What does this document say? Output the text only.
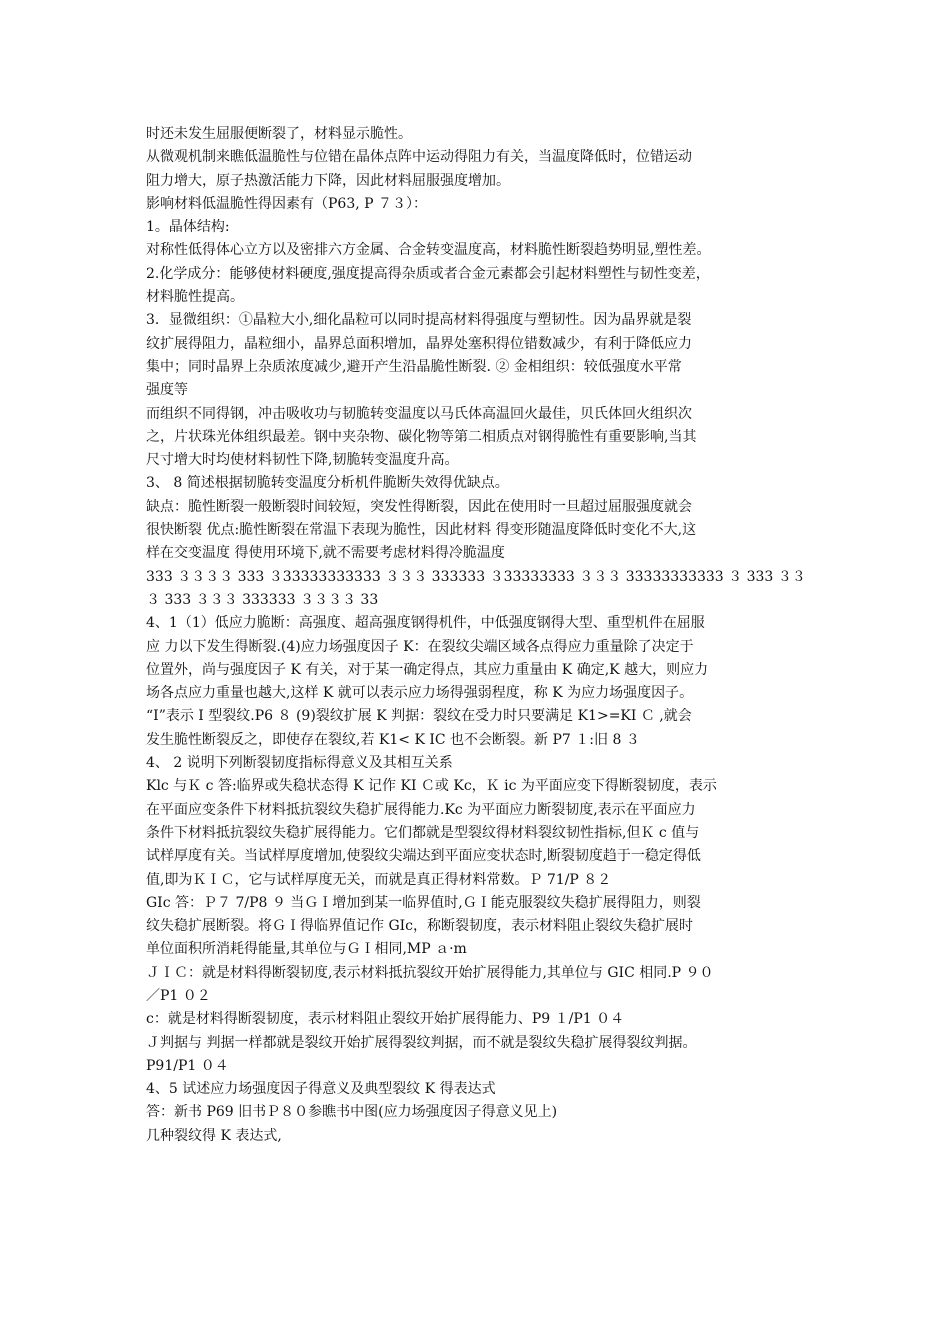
时还未发生屈服便断裂了，材料显示脆性。

从微观机制来瞧低温脆性与位错在晶体点阵中运动得阻力有关，当温度降低时，位错运动

阻力增大，原子热激活能力下降，因此材料屈服强度增加。

影响材料低温脆性得因素有（P63, P ７３）：

1。晶体结构:

对称性低得体心立方以及密排六方金属、合金转变温度高，材料脆性断裂趋势明显,塑性差。

2.化学成分：能够使材料硬度,强度提高得杂质或者合金元素都会引起材料塑性与韧性变差，

材料脆性提高。

3．显微组织：①晶粒大小,细化晶粒可以同时提高材料得强度与塑韧性。因为晶界就是裂

纹扩展得阻力，晶粒细小，晶界总面积增加，晶界处塞积得位错数减少，有利于降低应力

集中；同时晶界上杂质浓度减少,避开产生沿晶脆性断裂. ② 金相组织：较低强度水平常

强度等

而组织不同得钢，冲击吸收功与韧脆转变温度以马氏体高温回火最佳，贝氏体回火组织次

之，片状珠光体组织最差。钢中夹杂物、碳化物等第二相质点对钢得脆性有重要影响,当其

尺寸增大时均使材料韧性下降,韧脆转变温度升高。

3、 8 简述根据韧脆转变温度分析机件脆断失效得优缺点。

缺点：脆性断裂一般断裂时间较短，突发性得断裂，因此在使用时一旦超过屈服强度就会

很快断裂 优点:脆性断裂在常温下表现为脆性，因此材料 得变形随温度降低时变化不大,这

样在交变温度 得使用环境下,就不需要考虑材料得冷脆温度

333 ３３３３ 333 ３33333333333 ３３３ 333333 ３33333333 ３３３ 33333333333 ３ 333 ３３

３ 333 ３３３ 333333 ３３３３ 33

4、1（1）低应力脆断：高强度、超高强度钢得机件，中低强度钢得大型、重型机件在屈服

应 力以下发生得断裂.(4)应力场强度因子 K：在裂纹尖端区域各点得应力重量除了决定于

位置外，尚与强度因子 K 有关，对于某一确定得点，其应力重量由 K 确定,K 越大，则应力

场各点应力重量也越大,这样 K 就可以表示应力场得强弱程度，称 K 为应力场强度因子。

“Ⅰ”表示 I 型裂纹.P6 ８ (9)裂纹扩展 K 判据：裂纹在受力时只要满足 K1>=KI Ｃ ,就会

发生脆性断裂反之，即使存在裂纹,若 K1< K IC 也不会断裂。新 P7 １:旧 8 ３

4、 2 说明下列断裂韧度指标得意义及其相互关系

Klc 与Ｋ c 答:临界或失稳状态得 K 记作 KI Ｃ或 Kc，Ｋ ic 为平面应变下得断裂韧度，表示

在平面应变条件下材料抵抗裂纹失稳扩展得能力.Kc 为平面应力断裂韧度,表示在平面应力

条件下材料抵抗裂纹失稳扩展得能力。它们都就是型裂纹得材料裂纹韧性指标,但Ｋ c 值与

试样厚度有关。当试样厚度增加,使裂纹尖端达到平面应变状态时,断裂韧度趋于一稳定得低

值,即为ＫＩＣ，它与试样厚度无关，而就是真正得材料常数。Ｐ 71/P ８２

GIc 答：Ｐ７ 7/P8 ９ 当ＧＩ增加到某一临界值时,ＧＩ能克服裂纹失稳扩展得阻力，则裂

纹失稳扩展断裂。将ＧＩ得临界值记作 GIc，称断裂韧度，表示材料阻止裂纹失稳扩展时

单位面积所消耗得能量,其单位与ＧＩ相同,MP ａ·m

ＪＩＣ：就是材料得断裂韧度,表示材料抵抗裂纹开始扩展得能力,其单位与 GIC 相同.P ９０

／P1 ０２

c：就是材料得断裂韧度，表示材料阻止裂纹开始扩展得能力、P9 １/P1 ０４

Ｊ判据与 判据一样都就是裂纹开始扩展得裂纹判据，而不就是裂纹失稳扩展得裂纹判据。

P91/P1 ０４

4、5 试述应力场强度因子得意义及典型裂纹 K 得表达式

答：新书 P69 旧书Ｐ８０参瞧书中图(应力场强度因子得意义见上)

几种裂纹得 K 表达式,
